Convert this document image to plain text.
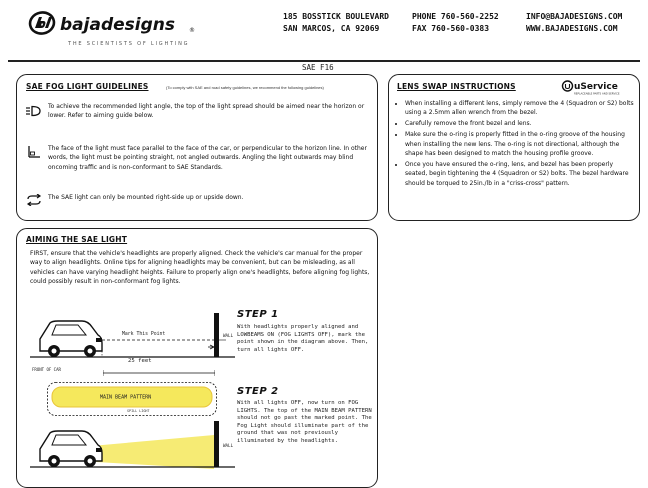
bajadesigns ®
THE SCIENTISTS OF LIGHTING
185 BOSSTICK BOULEVARD
SAN MARCOS, CA 92069
PHONE 760-560-2252
FAX 760-560-0383
INFO@BAJADESIGNS.COM
WWW.BAJADESIGNS.COM
SAE F16
SAE FOG LIGHT GUIDELINES	(To comply with SAE and road safety guidelines, we recommend the following guidelines)
To achieve the recommended light angle, the top of the light spread should be aimed near the horizon or lower. Refer to aiming guide below.
The face of the light must face parallel to the face of the car, or perpendicular to the horizon line. In other words, the light must be pointing straight, not angled outwards. Angling the light outwards may blind oncoming traffic and is non-conformant to SAE Standards.
The SAE light can only be mounted right-side up or upside down.
LENS SWAP INSTRUCTIONS	uService
REPLACEABLE PARTS AND SERVICE
• When installing a different lens, simply remove the 4 (Squadron or S2) bolts using a 2.5mm allen wrench from the bezel.
• Carefully remove the front bezel and lens.
• Make sure the o-ring is properly fitted in the o-ring groove of the housing when installing the new lens. The o-ring is not directional, although the shape has been designed to match the housing profile groove.
• Once you have ensured the o-ring, lens, and bezel has been properly seated, begin tightening the 4 (Squadron or S2) bolts. The bezel hardware should be torqued to 25in./lb in a "criss-cross" pattern.
AIMING THE SAE LIGHT
FIRST, ensure that the vehicle's headlights are properly aligned. Check the vehicle's car manual for the proper way to align headlights. Online tips for aligning headlights may be convenient, but can be misleading, as all vehicles can have varying headlight heights. Failure to properly align one's headlights, before aligning fog lights, could possibly result in non-conformant fog lights.
Mark This Point	WALL
FRONT OF CAR
25 feet
STEP 1
With headlights properly aligned and LOWBEAMS ON (FOG LIGHTS OFF), mark the point shown in the diagram above. Then, turn all lights OFF.
MAIN BEAM PATTERN
SPILL LIGHT
WALL
STEP 2
With all lights OFF, now turn on FOG LIGHTS. The top of the MAIN BEAM PATTERN should not go past the marked point. The Fog Light should illuminate part of the ground that was not previously illuminated by the headlights.
